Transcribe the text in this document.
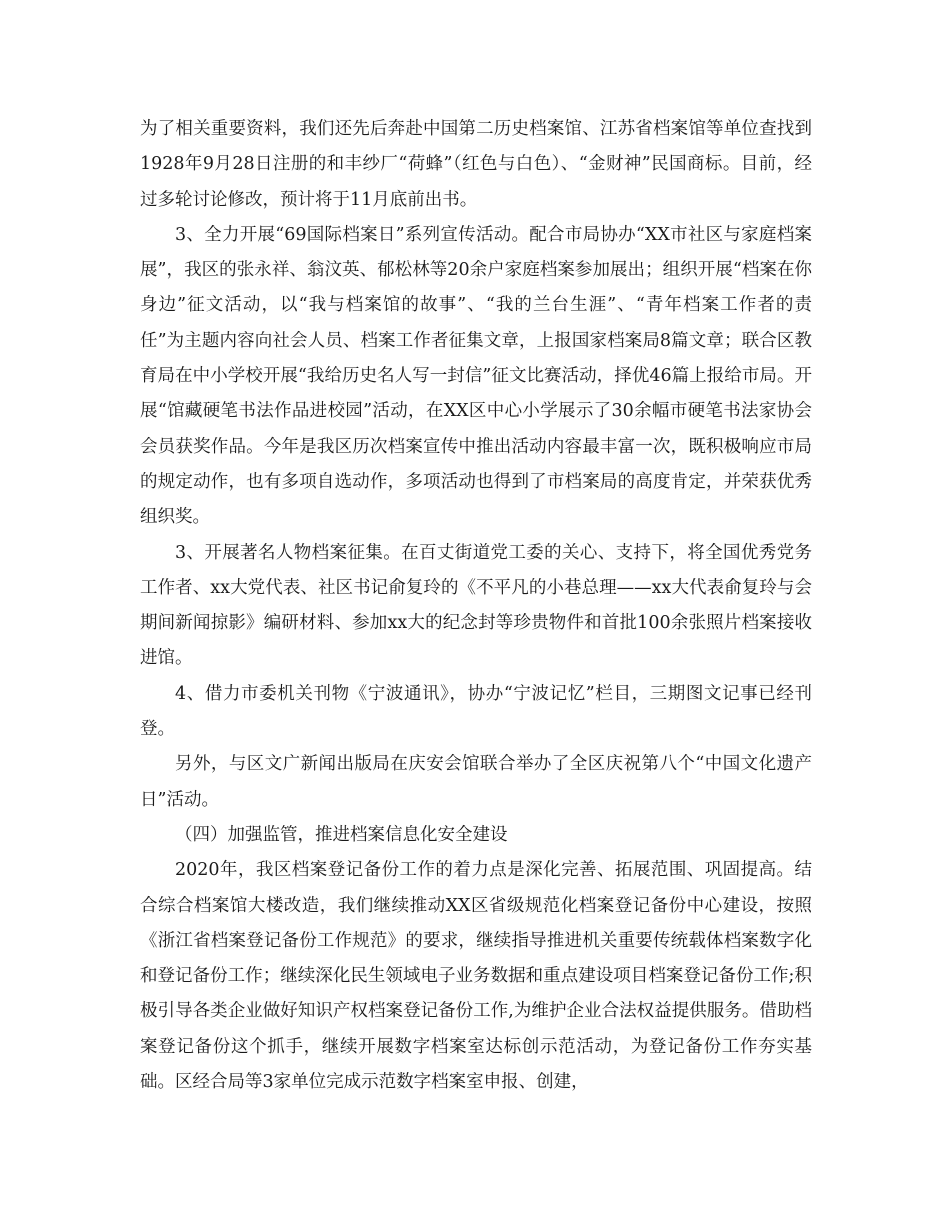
为了相关重要资料，我们还先后奔赴中国第二历史档案馆、江苏省档案馆等单位查找到1928年9月28日注册的和丰纱厂“荷蜂”（红色与白色）、“金财神”民国商标。目前，经过多轮讨论修改，预计将于11月底前出书。

3、全力开展“69国际档案日”系列宣传活动。配合市局协办“XX市社区与家庭档案展”，我区的张永祥、翁汶英、郁松林等20余户家庭档案参加展出；组织开展“档案在你身边”征文活动，以“我与档案馆的故事”、“我的兰台生涯”、“青年档案工作者的责任”为主题内容向社会人员、档案工作者征集文章，上报国家档案局8篇文章；联合区教育局在中小学校开展“我给历史名人写一封信”征文比赛活动，择优46篇上报给市局。开展“馆藏硬笔书法作品进校园”活动，在XX区中心小学展示了30余幅市硬笔书法家协会会员获奖作品。今年是我区历次档案宣传中推出活动内容最丰富一次，既积极响应市局的规定动作，也有多项自选动作，多项活动也得到了市档案局的高度肯定，并荣获优秀组织奖。

3、开展著名人物档案征集。在百丈街道党工委的关心、支持下，将全国优秀党务工作者、xx大党代表、社区书记俞复玲的《不平凡的小巷总理——xx大代表俞复玲与会期间新闻掠影》编研材料、参加xx大的纪念封等珍贵物件和首批100余张照片档案接收进馆。

4、借力市委机关刊物《宁波通讯》，协办“宁波记忆”栏目，三期图文记事已经刊登。

另外，与区文广新闻出版局在庆安会馆联合举办了全区庆祝第八个“中国文化遗产日”活动。

（四）加强监管，推进档案信息化安全建设

2020年，我区档案登记备份工作的着力点是深化完善、拓展范围、巩固提高。结合综合档案馆大楼改造，我们继续推动XX区省级规范化档案登记备份中心建设，按照《浙江省档案登记备份工作规范》的要求，继续指导推进机关重要传统载体档案数字化和登记备份工作；继续深化民生领域电子业务数据和重点建设项目档案登记备份工作;积极引导各类企业做好知识产权档案登记备份工作,为维护企业合法权益提供服务。借助档案登记备份这个抓手，继续开展数字档案室达标创示范活动，为登记备份工作夯实基础。区经合局等3家单位完成示范数字档案室申报、创建，
